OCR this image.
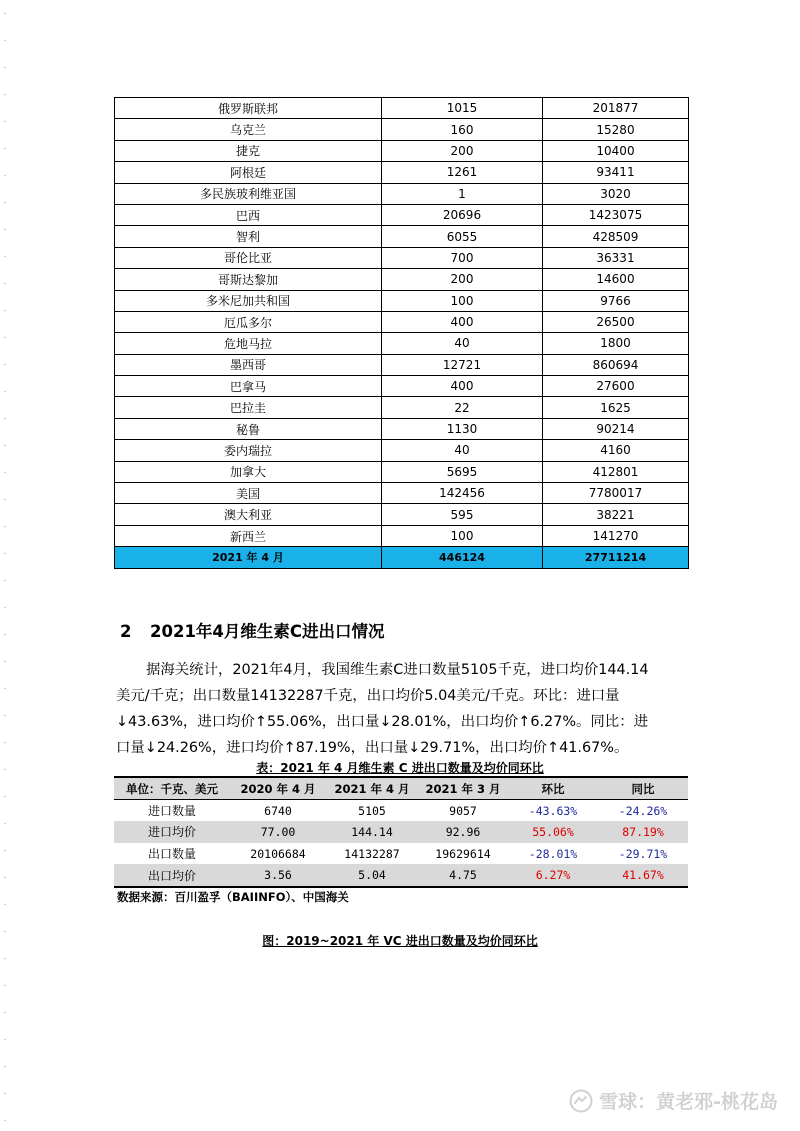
俄罗斯联邦	1015	201877
乌克兰	160	15280
捷克	200	10400
阿根廷	1261	93411
多民族玻利维亚国	1	3020
巴西	20696	1423075
智利	6055	428509
哥伦比亚	700	36331
哥斯达黎加	200	14600
多米尼加共和国	100	9766
厄瓜多尔	400	26500
危地马拉	40	1800
墨西哥	12721	860694
巴拿马	400	27600
巴拉圭	22	1625
秘鲁	1130	90214
委内瑞拉	40	4160
加拿大	5695	412801
美国	142456	7780017
澳大利亚	595	38221
新西兰	100	141270
2021 年 4 月	446124	27711214
2 2021年4月维生素C进出口情况
据海关统计，2021年4月，我国维生素C进口数量5105千克，进口均价144.14
美元/千克；出口数量14132287千克，出口均价5.04美元/千克。环比：进口量
↓43.63%，进口均价↑55.06%，出口量↓28.01%，出口均价↑6.27%。同比：进
口量↓24.26%，进口均价↑87.19%，出口量↓29.71%，出口均价↑41.67%。
表：2021 年 4 月维生素 C 进出口数量及均价同环比
单位：千克、美元	2020 年 4 月	2021 年 4 月	2021 年 3 月	环比	同比
进口数量	6740	5105	9057	-43.63%	-24.26%
进口均价	77.00	144.14	92.96	55.06%	87.19%
出口数量	20106684	14132287	19629614	-28.01%	-29.71%
出口均价	3.56	5.04	4.75	6.27%	41.67%
数据来源：百川盈孚（BAIINFO）、中国海关
图：2019~2021 年 VC 进出口数量及均价同环比
雪球：黄老邪-桃花岛
